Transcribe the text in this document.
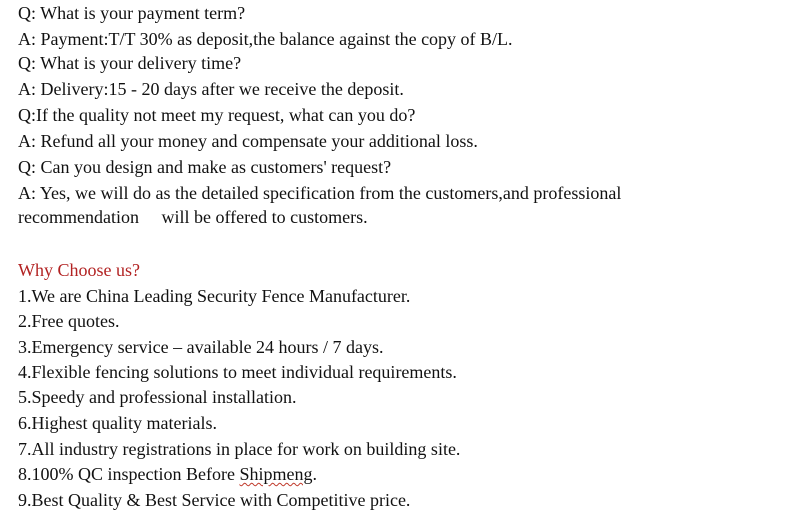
Q: What is your payment term?
A: Payment:T/T 30% as deposit,the balance against the copy of B/L.
Q: What is your delivery time?
A: Delivery:15 - 20 days after we receive the deposit.
Q:If the quality not meet my request, what can you do?
A: Refund all your money and compensate your additional loss.
Q: Can you design and make as customers' request?
A: Yes, we will do as the detailed specification from the customers,and professional
recommendation     will be offered to customers.
Why Choose us?
1.We are China Leading Security Fence Manufacturer.
2.Free quotes.
3.Emergency service – available 24 hours / 7 days.
4.Flexible fencing solutions to meet individual requirements.
5.Speedy and professional installation.
6.Highest quality materials.
7.All industry registrations in place for work on building site.
8.100% QC inspection Before Shipmeng.
9.Best Quality & Best Service with Competitive price.
